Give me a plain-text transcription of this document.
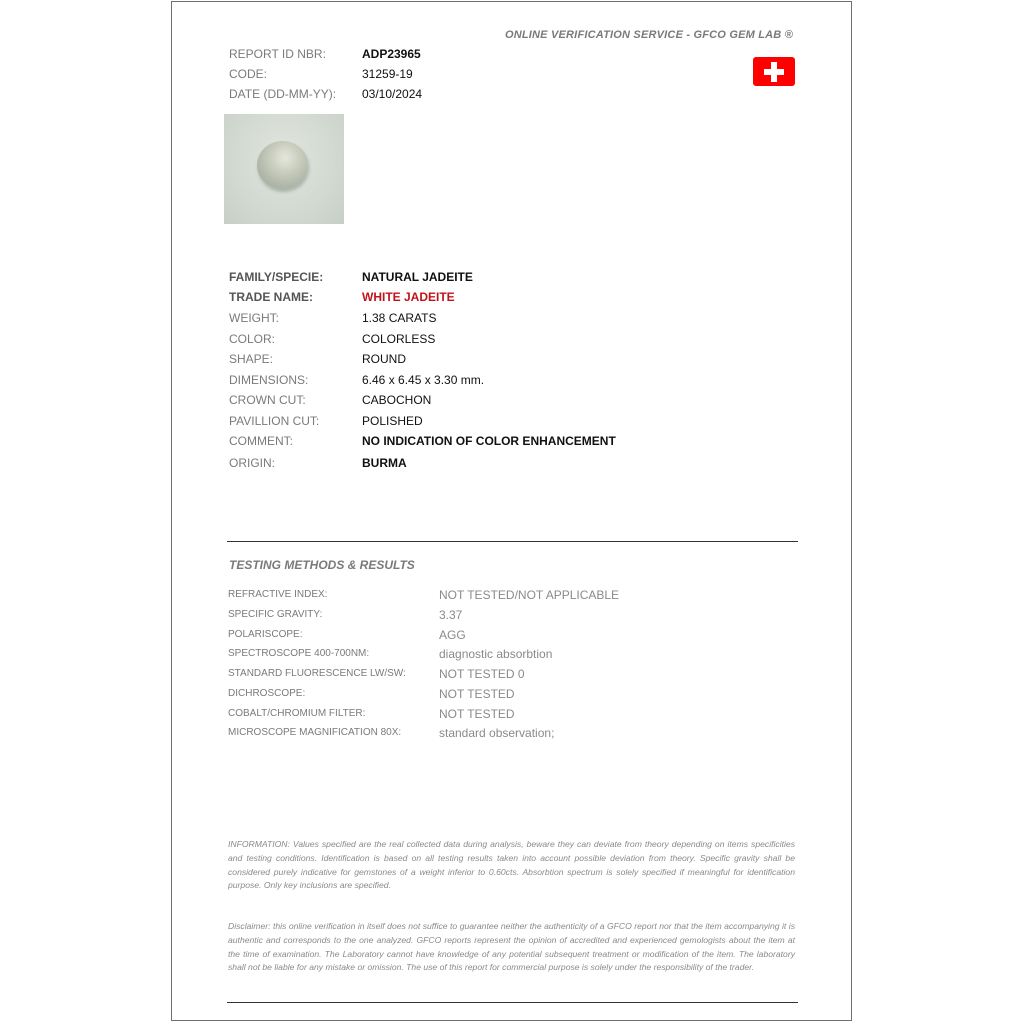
ONLINE VERIFICATION SERVICE - GFCO GEM LAB ®
REPORT ID NBR:	ADP23965
CODE:	31259-19
DATE (DD-MM-YY): 03/10/2024
FAMILY/SPECIE:	NATURAL JADEITE
TRADE NAME:	WHITE JADEITE
WEIGHT:	1.38 CARATS
COLOR:	COLORLESS
SHAPE:	ROUND
DIMENSIONS:	6.46 x 6.45 x 3.30 mm.
CROWN CUT:	CABOCHON
PAVILLION CUT:	POLISHED
COMMENT:	NO INDICATION OF COLOR ENHANCEMENT
ORIGIN:	BURMA
TESTING METHODS & RESULTS
REFRACTIVE INDEX:	NOT TESTED/NOT APPLICABLE
SPECIFIC GRAVITY:	3.37
POLARISCOPE:	AGG
SPECTROSCOPE 400-700NM:	diagnostic absorbtion
STANDARD FLUORESCENCE LW/SW:	NOT TESTED 0
DICHROSCOPE:	NOT TESTED
COBALT/CHROMIUM FILTER:	NOT TESTED
MICROSCOPE MAGNIFICATION 80X:	standard observation;
INFORMATION: Values specified are the real collected data during analysis, beware they can deviate from theory depending on items specificities and testing conditions. Identification is based on all testing results taken into account possible deviation from theory. Specific gravity shall be considered purely indicative for gemstones of a weight inferior to 0.60cts. Absorbtion spectrum is solely specified if meaningful for identification purpose. Only key inclusions are specified.
Disclaimer: this online verification in itself does not suffice to guarantee neither the authenticity of a GFCO report nor that the item accompanying it is authentic and corresponds to the one analyzed. GFCO reports represent the opinion of accredited and experienced gemologists about the item at the time of examination. The Laboratory cannot have knowledge of any potential subsequent treatment or modification of the item. The laboratory shall not be liable for any mistake or omission. The use of this report for commercial purpose is solely under the responsibility of the trader.
